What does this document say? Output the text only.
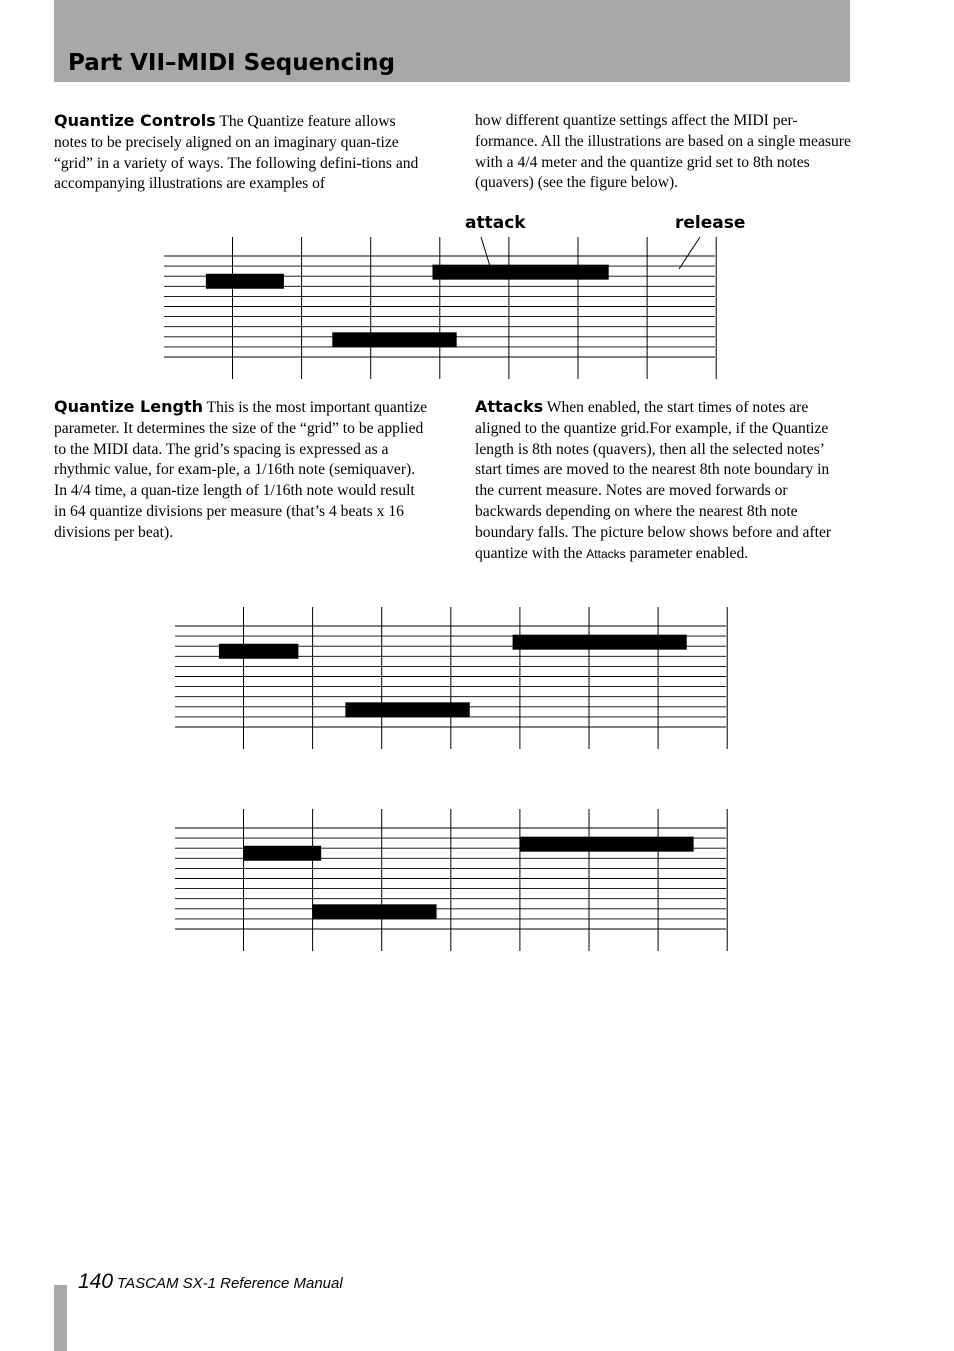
Part VII–MIDI Sequencing

Quantize Controls The Quantize feature allows notes to be precisely aligned on an imaginary quan-tize “grid” in a variety of ways. The following defini-tions and accompanying illustrations are examples of

how different quantize settings affect the MIDI per-formance. All the illustrations are based on a single measure with a 4/4 meter and the quantize grid set to 8th notes (quavers) (see the figure below).

attack	release

Quantize Length This is the most important quantize parameter. It determines the size of the “grid” to be applied to the MIDI data. The grid’s spacing is expressed as a rhythmic value, for exam-ple, a 1/16th note (semiquaver). In 4/4 time, a quan-tize length of 1/16th note would result in 64 quantize divisions per measure (that’s 4 beats x 16 divisions per beat).

Attacks When enabled, the start times of notes are aligned to the quantize grid.For example, if the Quantize length is 8th notes (quavers), then all the selected notes’ start times are moved to the nearest 8th note boundary in the current measure. Notes are moved forwards or backwards depending on where the nearest 8th note boundary falls. The picture below shows before and after quantize with the Attacks parameter enabled.

140 TASCAM SX-1 Reference Manual
